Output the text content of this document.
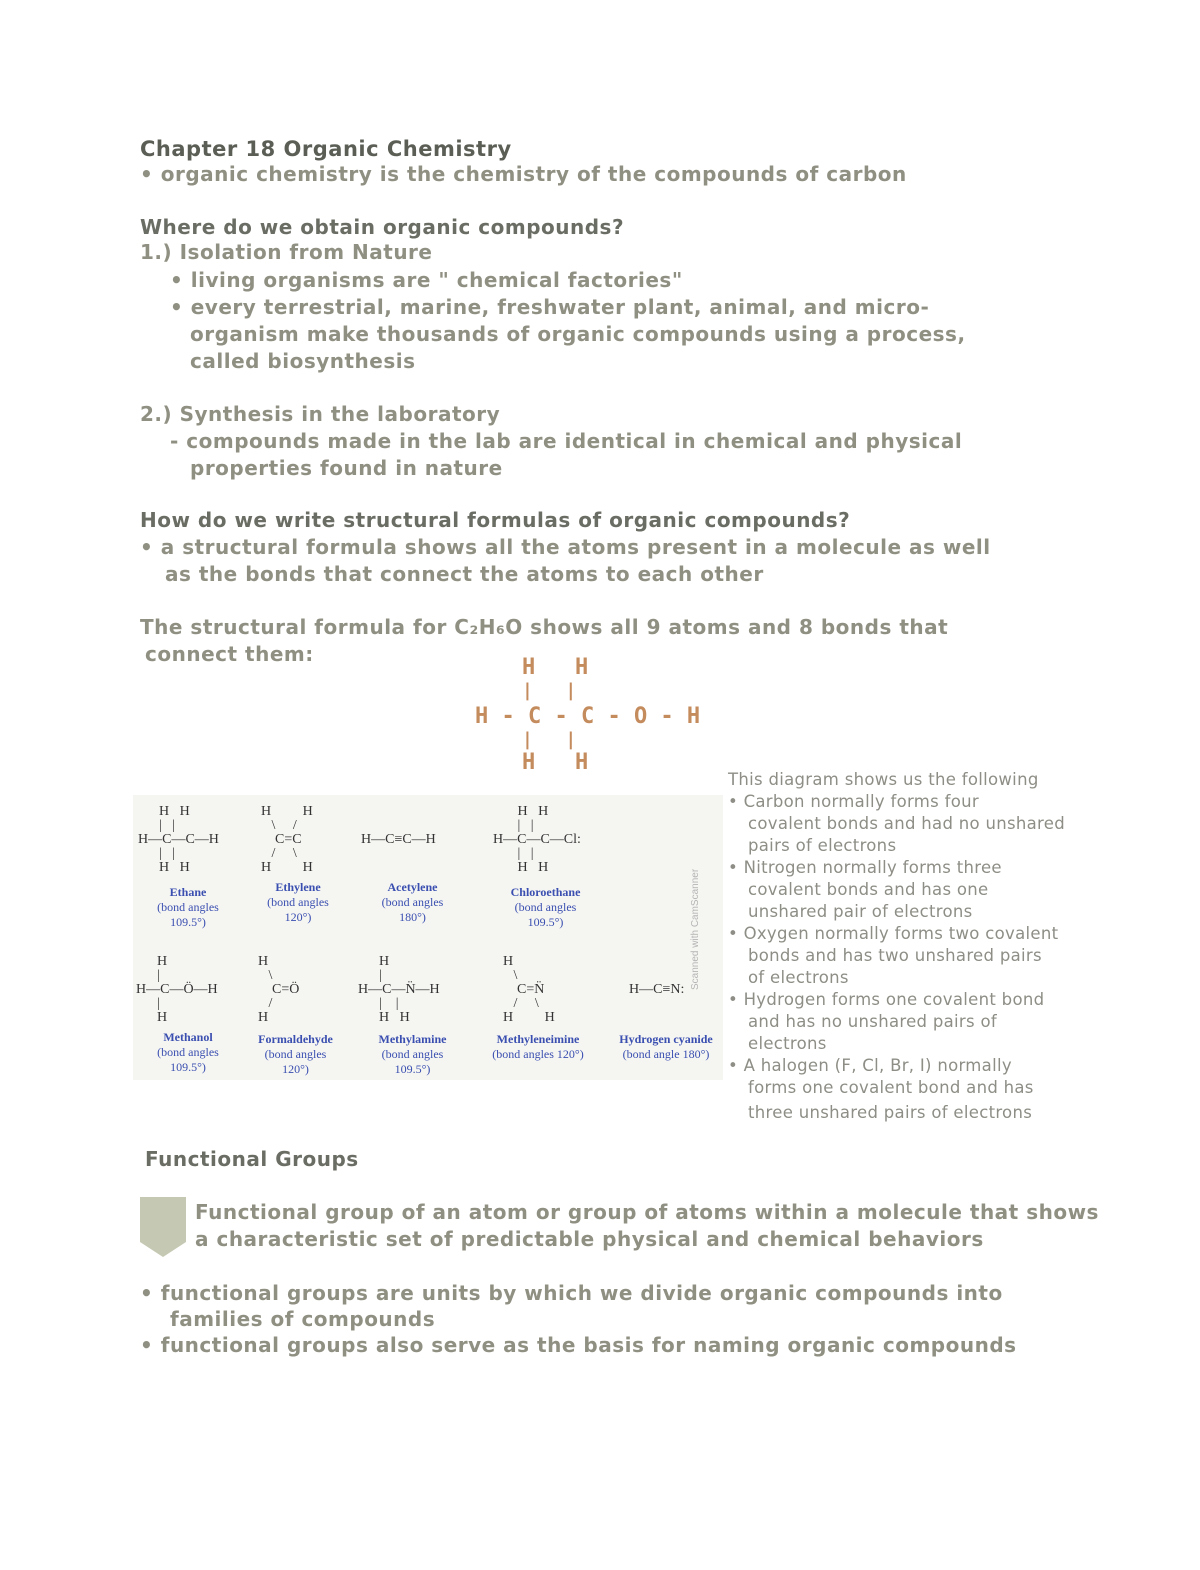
Chapter 18 Organic Chemistry
• organic chemistry is the chemistry of the compounds of carbon
Where do we obtain organic compounds?
1.) Isolation from Nature
• living organisms are " chemical factories"
• every terrestrial, marine, freshwater plant, animal, and micro-
organism make thousands of organic compounds using a process,
called biosynthesis
2.) Synthesis in the laboratory
- compounds made in the lab are identical in chemical and physical
properties found in nature
How do we write structural formulas of organic compounds?
• a structural formula shows all the atoms present in a molecule as well
as the bonds that connect the atoms to each other
The structural formula for C₂H₆O shows all 9 atoms and 8 bonds that
connect them:
H   H
|   |
H - C - C - O - H
|   |
H   H
H   H
|   |
H—C—C—H
|   |
H   H
Ethane
(bond angles
109.5°)
H         H
\     /
C=C
/     \
H         H
Ethylene
(bond angles
120°)
H—C≡C—H
Acetylene
(bond angles
180°)
H   H
|   |
H—C—C—Cl:
|   |
H   H
Chloroethane
(bond angles
109.5°)
H
|
H—C—Ö—H
|
H
Methanol
(bond angles
109.5°)
H
\
C=Ö
/
H
Formaldehyde
(bond angles
120°)
H
|
H—C—N̈—H
|    |
H   H
Methylamine
(bond angles
109.5°)
H
\
C=N̈
/     \
H         H
Methyleneimine
(bond angles 120°)
H—C≡N:
Hydrogen cyanide
(bond angle 180°)
Scanned with CamScanner
This diagram shows us the following
• Carbon normally forms four
covalent bonds and had no unshared
pairs of electrons
• Nitrogen normally forms three
covalent bonds and has one
unshared pair of electrons
• Oxygen normally forms two covalent
bonds and has two unshared pairs
of electrons
• Hydrogen forms one covalent bond
and has no unshared pairs of
electrons
• A halogen (F, Cl, Br, I) normally
forms one covalent bond and has
three unshared pairs of electrons
Functional Groups
Functional group of an atom or group of atoms within a molecule that shows
a characteristic set of predictable physical and chemical behaviors
• functional groups are units by which we divide organic compounds into
families of compounds
• functional groups also serve as the basis for naming organic compounds
